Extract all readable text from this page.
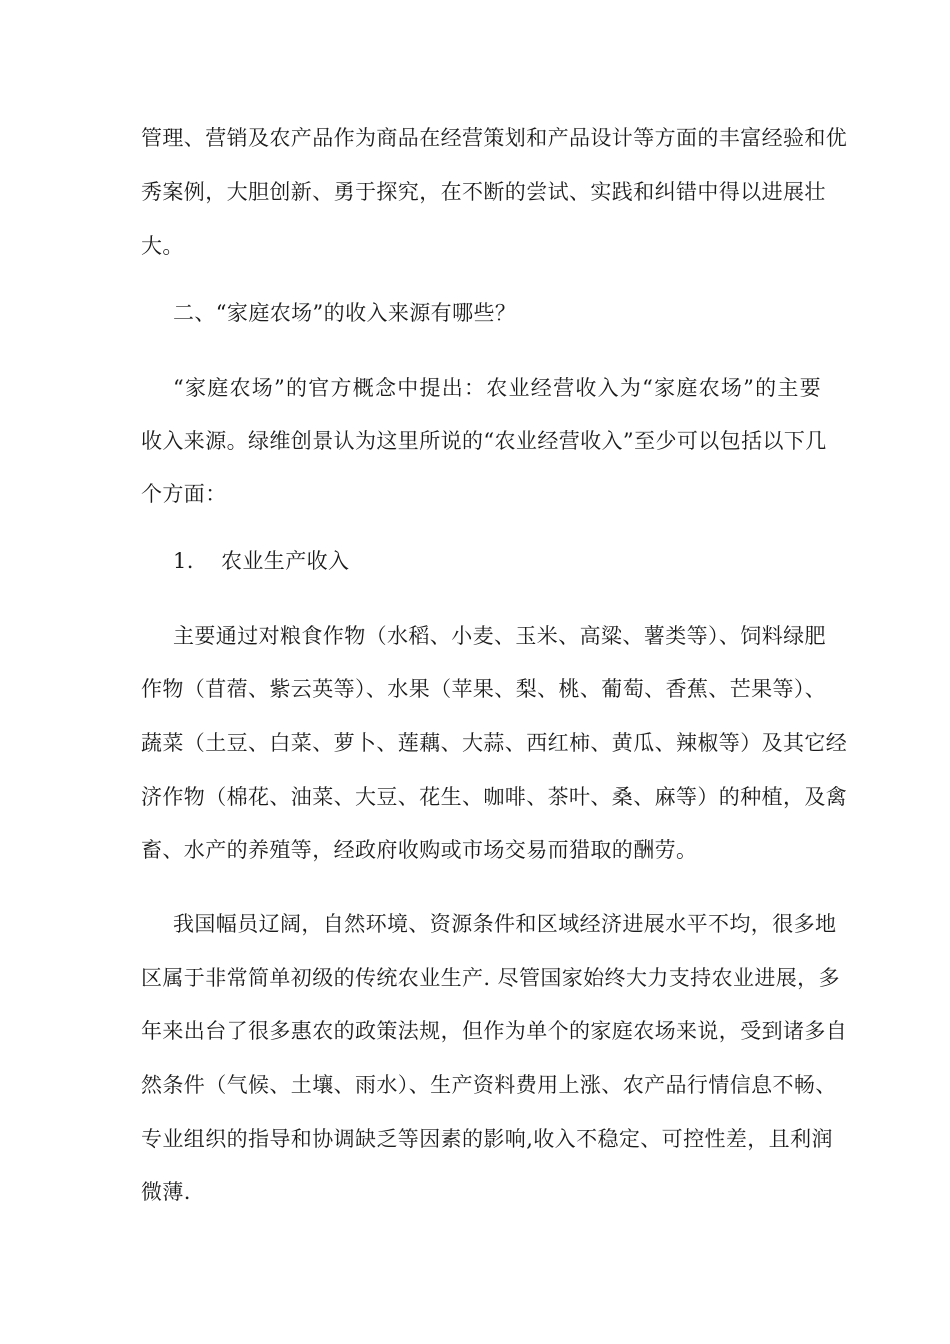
管理、营销及农产品作为商品在经营策划和产品设计等方面的丰富经验和优
秀案例，大胆创新、勇于探究，在不断的尝试、实践和纠错中得以进展壮
大。
二、“家庭农场”的收入来源有哪些？
“家庭农场”的官方概念中提出：农业经营收入为“家庭农场”的主要
收入来源。绿维创景认为这里所说的“农业经营收入”至少可以包括以下几
个方面：
1. 农业生产收入
主要通过对粮食作物（水稻、小麦、玉米、高粱、薯类等）、饲料绿肥
作物（苜蓿、紫云英等）、水果（苹果、梨、桃、葡萄、香蕉、芒果等）、
蔬菜（土豆、白菜、萝卜、莲藕、大蒜、西红柿、黄瓜、辣椒等）及其它经
济作物（棉花、油菜、大豆、花生、咖啡、茶叶、桑、麻等）的种植，及禽
畜、水产的养殖等，经政府收购或市场交易而猎取的酬劳。
我国幅员辽阔，自然环境、资源条件和区域经济进展水平不均，很多地
区属于非常简单初级的传统农业生产. 尽管国家始终大力支持农业进展，多
年来出台了很多惠农的政策法规，但作为单个的家庭农场来说，受到诸多自
然条件（气候、土壤、雨水）、生产资料费用上涨、农产品行情信息不畅、
专业组织的指导和协调缺乏等因素的影响,收入不稳定、可控性差，且利润
微薄.
